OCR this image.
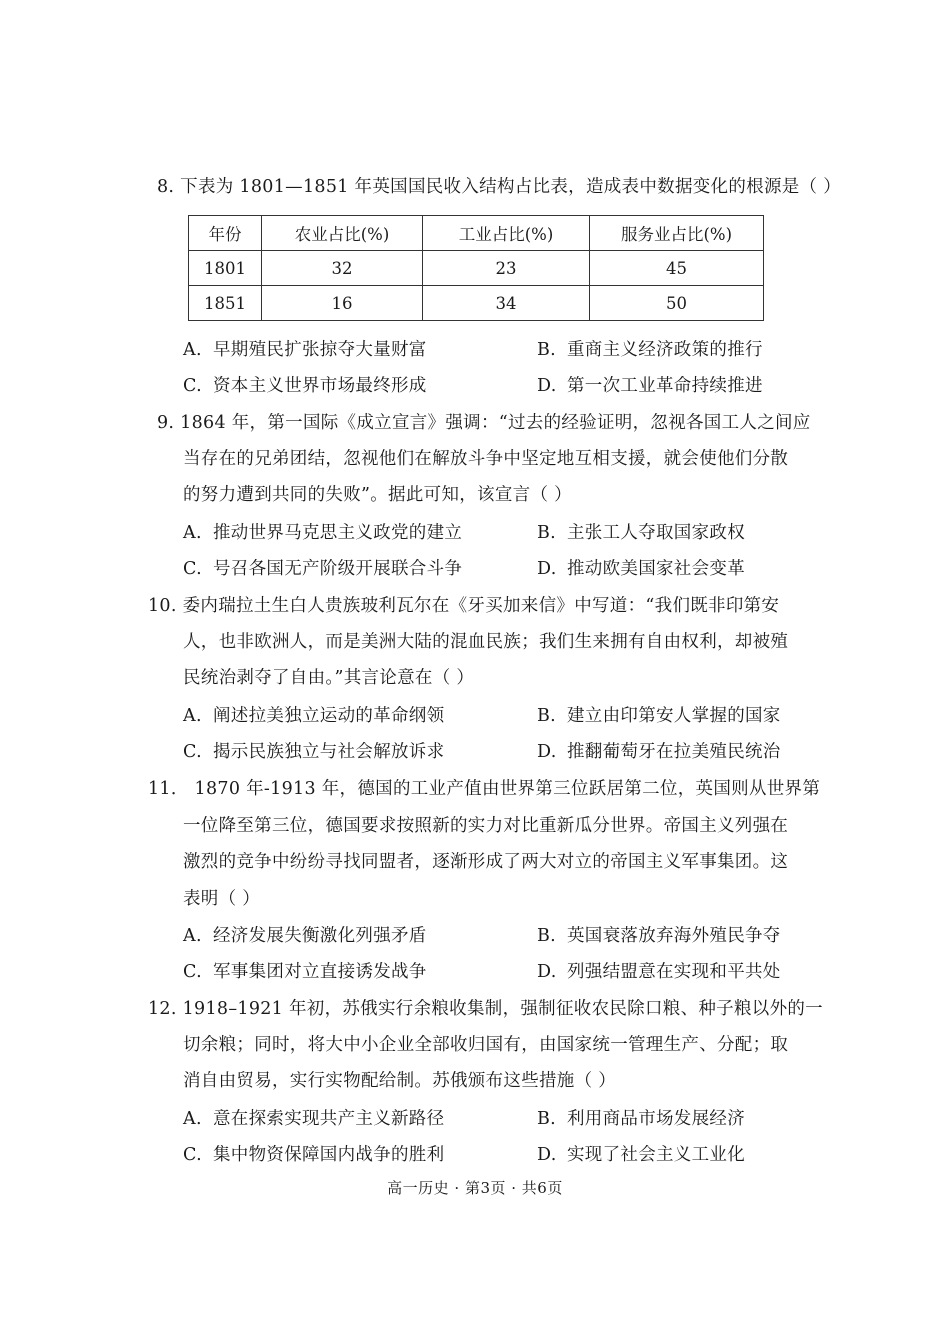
8. 下表为 1801—1851 年英国国民收入结构占比表，造成表中数据变化的根源是（ ）
年份	农业占比(%)	工业占比(%)	服务业占比(%)
1801	32	23	45
1851	16	34	50
A. 早期殖民扩张掠夺大量财富	B. 重商主义经济政策的推行
C. 资本主义世界市场最终形成	D. 第一次工业革命持续推进
9. 1864 年，第一国际《成立宣言》强调：“过去的经验证明，忽视各国工人之间应
当存在的兄弟团结，忽视他们在解放斗争中坚定地互相支援，就会使他们分散
的努力遭到共同的失败”。据此可知，该宣言（ ）
A. 推动世界马克思主义政党的建立	B. 主张工人夺取国家政权
C. 号召各国无产阶级开展联合斗争	D. 推动欧美国家社会变革
10. 委内瑞拉土生白人贵族玻利瓦尔在《牙买加来信》中写道：“我们既非印第安
人，也非欧洲人，而是美洲大陆的混血民族；我们生来拥有自由权利，却被殖
民统治剥夺了自由。”其言论意在（ ）
A. 阐述拉美独立运动的革命纲领	B. 建立由印第安人掌握的国家
C. 揭示民族独立与社会解放诉求	D. 推翻葡萄牙在拉美殖民统治
11． 1870 年-1913 年，德国的工业产值由世界第三位跃居第二位，英国则从世界第
一位降至第三位，德国要求按照新的实力对比重新瓜分世界。帝国主义列强在
激烈的竞争中纷纷寻找同盟者，逐渐形成了两大对立的帝国主义军事集团。这
表明（ ）
A. 经济发展失衡激化列强矛盾	B. 英国衰落放弃海外殖民争夺
C. 军事集团对立直接诱发战争	D. 列强结盟意在实现和平共处
12. 1918–1921 年初，苏俄实行余粮收集制，强制征收农民除口粮、种子粮以外的一
切余粮；同时，将大中小企业全部收归国有，由国家统一管理生产、分配；取
消自由贸易，实行实物配给制。苏俄颁布这些措施（ ）
A. 意在探索实现共产主义新路径	B. 利用商品市场发展经济
C. 集中物资保障国内战争的胜利	D. 实现了社会主义工业化
高一历史 · 第3页 · 共6页
